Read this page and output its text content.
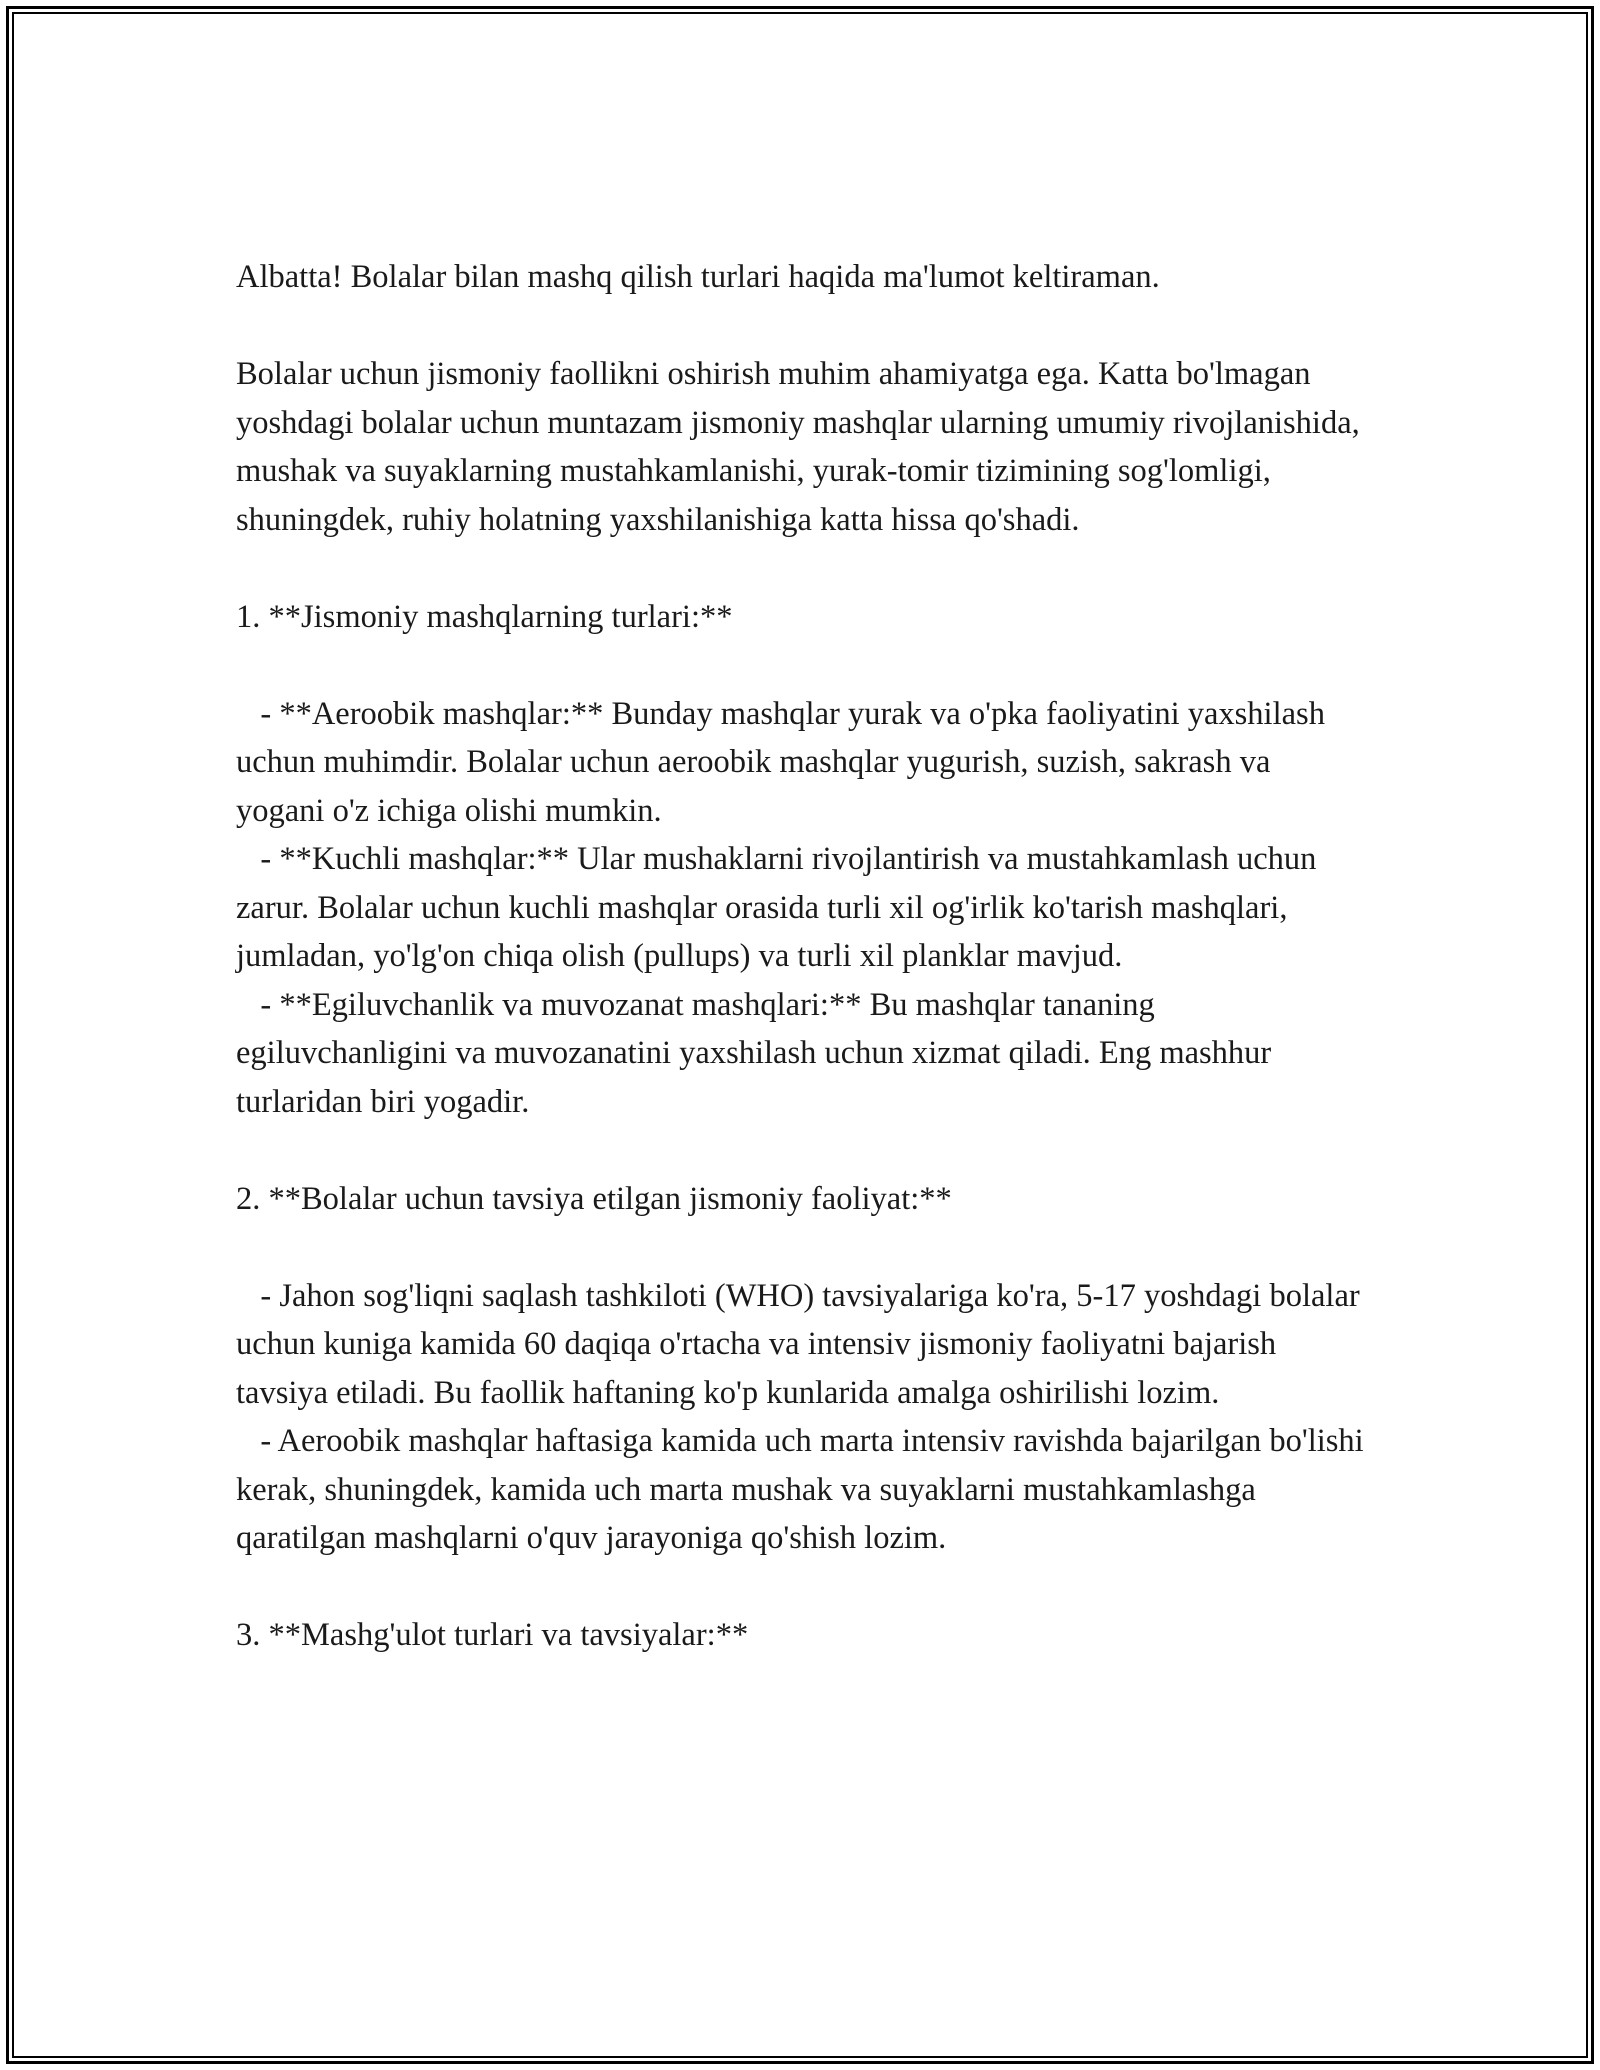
Albatta! Bolalar bilan mashq qilish turlari haqida ma'lumot keltiraman.

Bolalar uchun jismoniy faollikni oshirish muhim ahamiyatga ega. Katta bo'lmagan yoshdagi bolalar uchun muntazam jismoniy mashqlar ularning umumiy rivojlanishida, mushak va suyaklarning mustahkamlanishi, yurak-tomir tizimining sog'lomligi, shuningdek, ruhiy holatning yaxshilanishiga katta hissa qo'shadi.

1. **Jismoniy mashqlarning turlari:**

- **Aeroobik mashqlar:** Bunday mashqlar yurak va o'pka faoliyatini yaxshilash uchun muhimdir. Bolalar uchun aeroobik mashqlar yugurish, suzish, sakrash va yogani o'z ichiga olishi mumkin.

- **Kuchli mashqlar:** Ular mushaklarni rivojlantirish va mustahkamlash uchun zarur. Bolalar uchun kuchli mashqlar orasida turli xil og'irlik ko'tarish mashqlari, jumladan, yo'lg'on chiqa olish (pullups) va turli xil planklar mavjud.

- **Egiluvchanlik va muvozanat mashqlari:** Bu mashqlar tananing egiluvchanligini va muvozanatini yaxshilash uchun xizmat qiladi. Eng mashhur turlaridan biri yogadir.

2. **Bolalar uchun tavsiya etilgan jismoniy faoliyat:**

- Jahon sog'liqni saqlash tashkiloti (WHO) tavsiyalariga ko'ra, 5-17 yoshdagi bolalar uchun kuniga kamida 60 daqiqa o'rtacha va intensiv jismoniy faoliyatni bajarish tavsiya etiladi. Bu faollik haftaning ko'p kunlarida amalga oshirilishi lozim.

- Aeroobik mashqlar haftasiga kamida uch marta intensiv ravishda bajarilgan bo'lishi kerak, shuningdek, kamida uch marta mushak va suyaklarni mustahkamlashga qaratilgan mashqlarni o'quv jarayoniga qo'shish lozim.

3. **Mashg'ulot turlari va tavsiyalar:**
